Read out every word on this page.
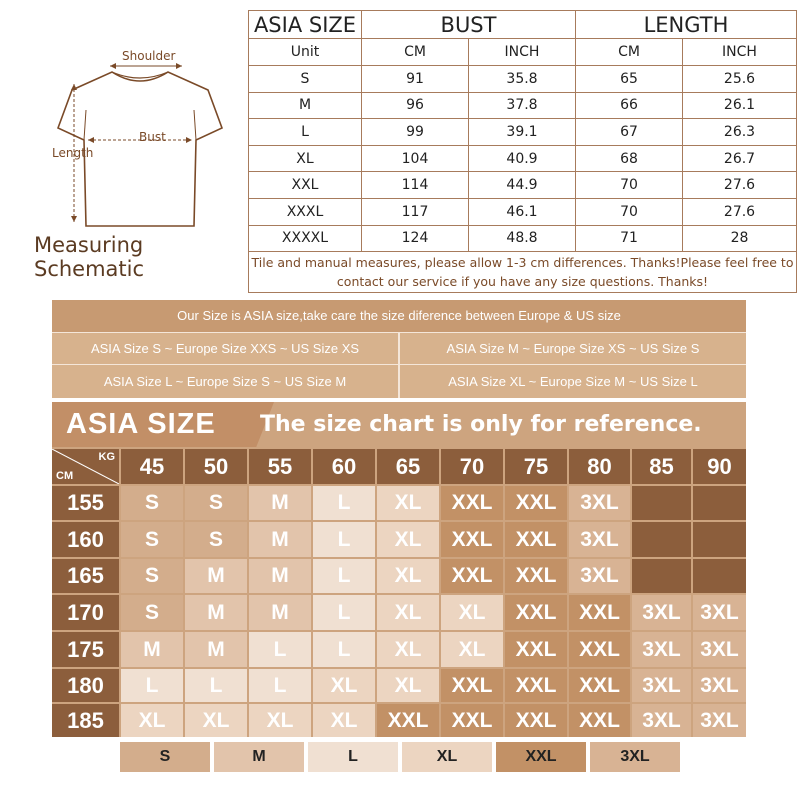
Shoulder
Bust
Length
Measuring Schematic
ASIA SIZE	BUST		LENGTH	
Unit	CM	INCH	CM	INCH
S	91	35.8	65	25.6
M	96	37.8	66	26.1
L	99	39.1	67	26.3
XL	104	40.9	68	26.7
XXL	114	44.9	70	27.6
XXXL	117	46.1	70	27.6
XXXXL	124	48.8	71	28

Tile and manual measures, please allow 1-3 cm differences. Thanks!Please feel free to
contact our service if you have any size questions. Thanks!				
Our Size is ASIA size,take care the size diference between Europe & US size
ASIA Size S ~ Europe Size XXS ~ US Size XS	ASIA Size M ~ Europe Size XS ~ US Size S
ASIA Size L ~ Europe Size S ~ US Size M	ASIA Size XL ~ Europe Size M ~ US Size L
ASIA SIZE The size chart is only for reference.
KG
CM	45	50	55	60	65	70	75	80	85	90
155	S	S	M	L	XL	XXL	XXL	3XL
160	S	S	M	L	XL	XXL	XXL	3XL
165	S	M	M	L	XL	XXL	XXL	3XL
170	S	M	M	L	XL	XL	XXL	XXL	3XL 3XL
175	M	M	L	L	XL	XL	XXL	XXL	3XL 3XL
180	L	L	L	XL	XL	XXL	XXL	XXL	3XL 3XL
185	XL	XL	XL	XL	XXL	XXL	XXL	XXL	3XL 3XL
S	M	L	XL	XXL	3XL
